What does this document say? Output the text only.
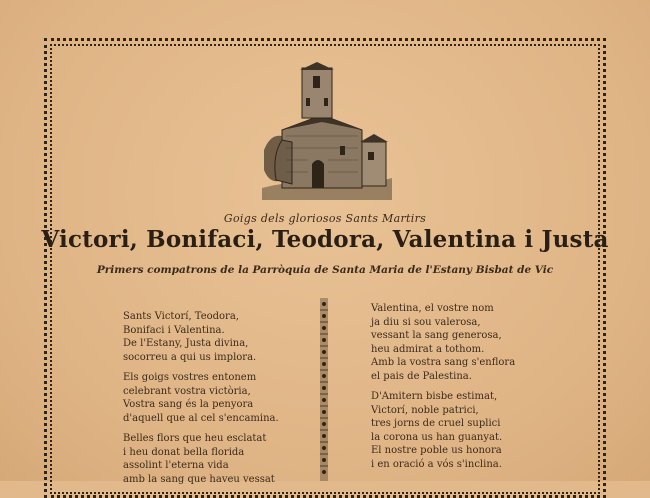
Goigs dels gloriosos Sants Martirs
Victori, Bonifaci, Teodora, Valentina i Justa
Primers compatrons de la Parròquia de Santa Maria de l'Estany Bisbat de Vic
Sants Victorí, Teodora,
Bonifaci i Valentina.
De l'Estany, Justa divina,
socorreu a qui us implora.
Els goigs vostres entonem
celebrant vostra victòria,
Vostra sang és la penyora
d'aquell que al cel s'encamina.
Belles flors que heu esclatat
i heu donat bella florida
assolint l'eterna vida
amb la sang que haveu vessat
Valentina, el vostre nom
ja diu si sou valerosa,
vessant la sang generosa,
heu admirat a tothom.
Amb la vostra sang s'enflora
el pais de Palestina.
D'Amitern bisbe estimat,
Victorí, noble patrici,
tres jorns de cruel suplici
la corona us han guanyat.
El nostre poble us honora
i en oració a vós s'inclina.
